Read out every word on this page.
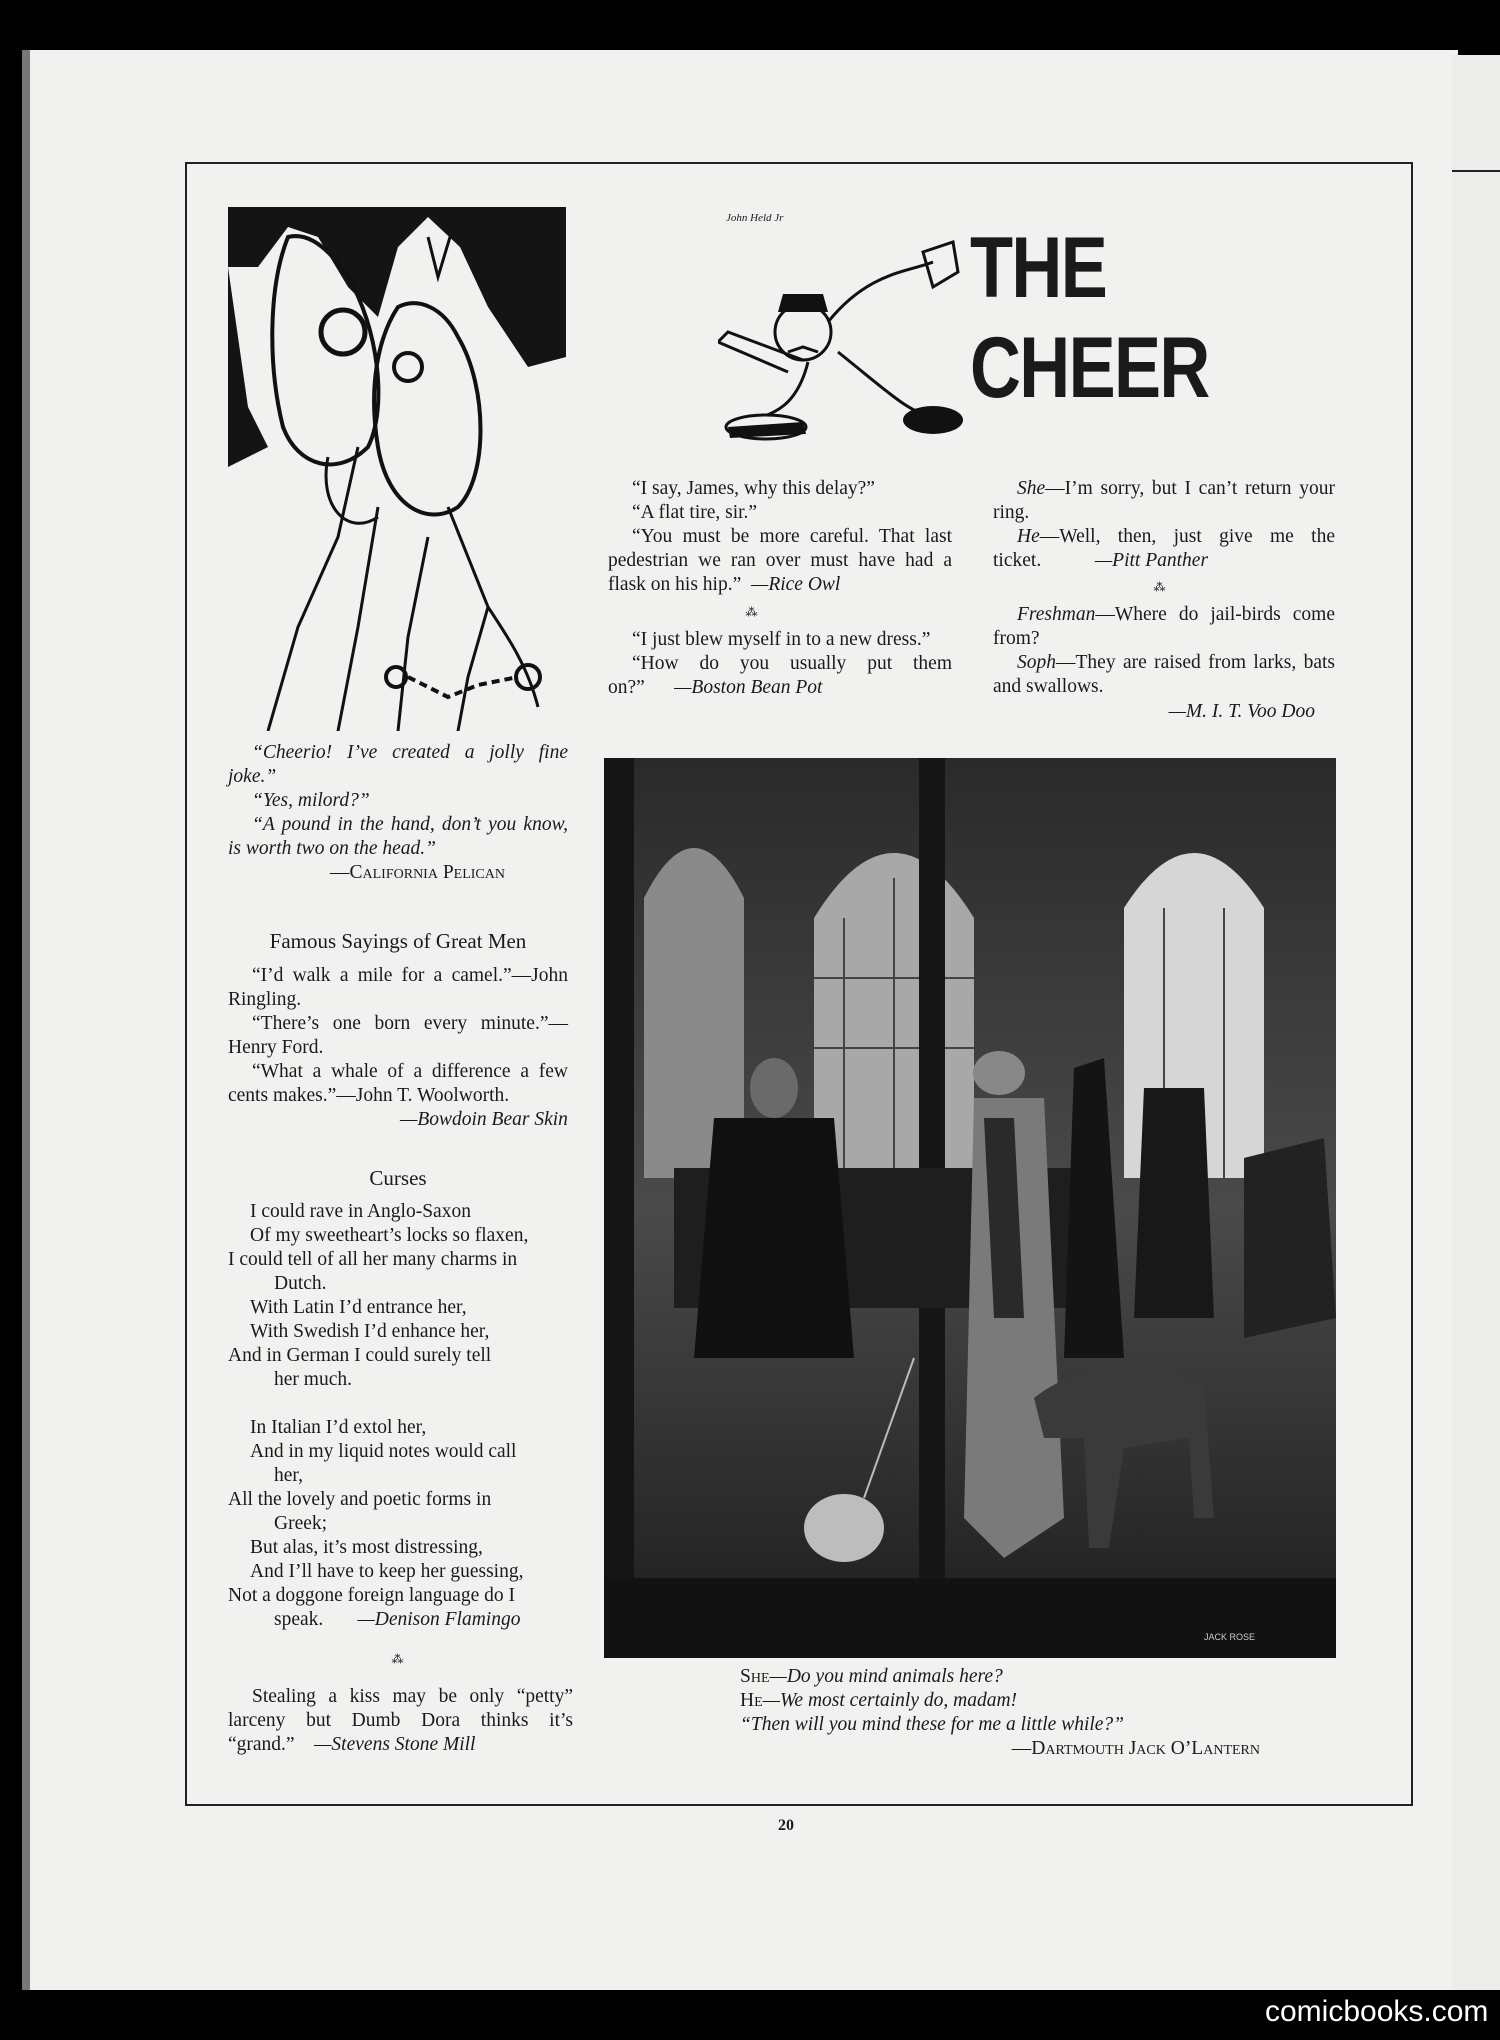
John Held Jr
THE CHEER

“Cheerio! I’ve created a jolly fine joke.”

“Yes, milord?”

“A pound in the hand, don’t you know, is worth two on the head.”

—California Pelican
Famous Sayings of Great Men

“I’d walk a mile for a camel.”—John Ringling.

“There’s one born every minute.”—Henry Ford.

“What a whale of a difference a few cents makes.”—John T. Woolworth.

—Bowdoin Bear Skin
Curses

I could rave in Anglo-Saxon

Of my sweetheart’s locks so flaxen,

I could tell of all her many charms in

Dutch.

With Latin I’d entrance her,

With Swedish I’d enhance her,

And in German I could surely tell

her much.

In Italian I’d extol her,

And in my liquid notes would call

her,

All the lovely and poetic forms in

Greek;

But alas, it’s most distressing,

And I’ll have to keep her guessing,

Not a doggone foreign language do I

speak. —Denison Flamingo

⁂

Stealing a kiss may be only “petty” larceny but Dumb Dora thinks it’s “grand.” —Stevens Stone Mill

“I say, James, why this delay?”

“A flat tire, sir.”

“You must be more careful. That last pedestrian we ran over must have had a flask on his hip.” —Rice Owl

⁂

“I just blew myself in to a new dress.”

“How do you usually put them on?” —Boston Bean Pot

She—I’m sorry, but I can’t return your ring.

He—Well, then, just give me the ticket.	—Pitt Panther

⁂

Freshman—Where do jail-birds come from?

Soph—They are raised from larks, bats and swallows.

—M. I. T. Voo Doo
JACK ROSE

She—Do you mind animals here?

He—We most certainly do, madam!

“Then will you mind these for me a little while?”

—Dartmouth Jack O’Lantern
20
comicbooks.com
